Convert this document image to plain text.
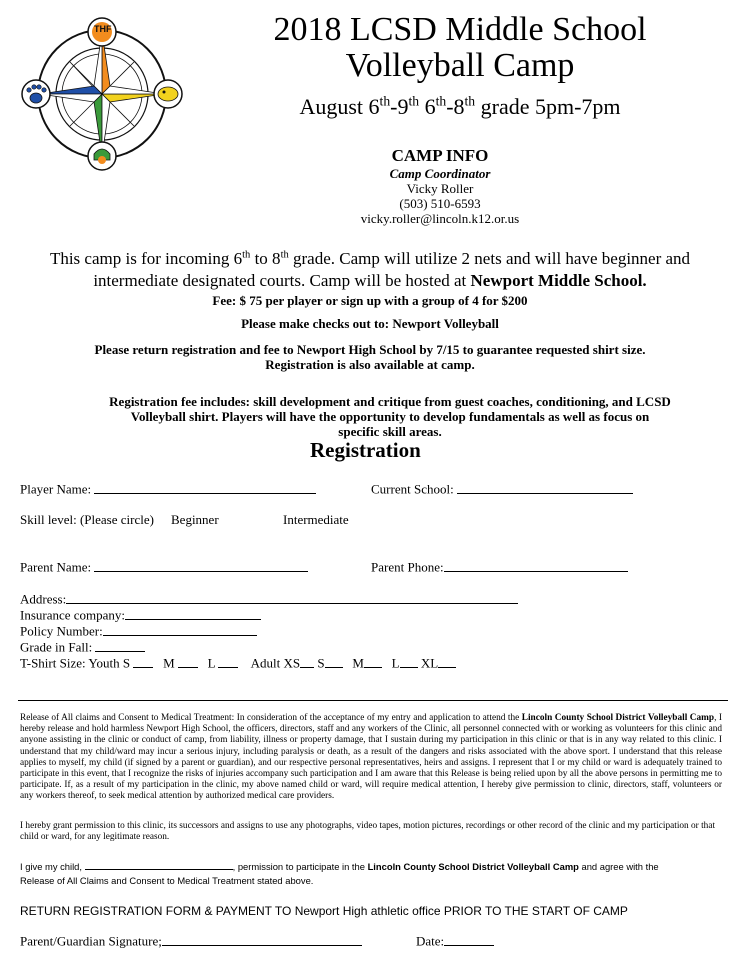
THF	2018 LCSD Middle School
Volleyball Camp
August 6th-9th 6th-8th grade 5pm-7pm
CAMP INFO
Camp Coordinator
Vicky Roller
(503) 510-6593
vicky.roller@lincoln.k12.or.us
This camp is for incoming 6th to 8th grade. Camp will utilize 2 nets and will have beginner and
intermediate designated courts. Camp will be hosted at Newport Middle School.
Fee: $ 75 per player or sign up with a group of 4 for $200
Please make checks out to: Newport Volleyball
Please return registration and fee to Newport High School by 7/15 to guarantee requested shirt size.
Registration is also available at camp.
Registration fee includes: skill development and critique from guest coaches, conditioning, and LCSD
Volleyball shirt. Players will have the opportunity to develop fundamentals as well as focus on
specific skill areas.
Registration
Player Name:	Current School:
Skill level: (Please circle) Beginner	Intermediate
Parent Name:	Parent Phone:
Address:
Insurance company:
Policy Number:
Grade in Fall:
T-Shirt Size: Youth S	M	L	Adult XS S M L XL
Release of All claims and Consent to Medical Treatment: In consideration of the acceptance of my entry and application to attend the Lincoln County School District Volleyball Camp, I hereby release and hold harmless Newport High School, the officers, directors, staff and any workers of the Clinic, all personnel connected with or working as volunteers for this clinic and anyone assisting in the clinic or conduct of camp, from liability, illness or property damage, that I sustain during my participation in this clinic or that is in any way related to this clinic. I understand that my child/ward may incur a serious injury, including paralysis or death, as a result of the dangers and risks associated with the above sport. I understand that this release applies to myself, my child (if signed by a parent or guardian), and our respective personal representatives, heirs and assigns. I represent that I or my child or ward is adequately trained to participate in this event, that I recognize the risks of injuries accompany such participation and I am aware that this Release is being relied upon by all the above persons in permitting me to participate. If, as a result of my participation in the clinic, my above named child or ward, will require medical attention, I hereby give permission to clinic, directors, staff, volunteers or any workers thereof, to seek medical attention by authorized medical care providers.
I hereby grant permission to this clinic, its successors and assigns to use any photographs, video tapes, motion pictures, recordings or other record of the clinic and my participation or that child or ward, for any legitimate reason.
I give my child,	, permission to participate in the Lincoln County School District Volleyball Camp and agree with the
Release of All Claims and Consent to Medical Treatment stated above.
RETURN REGISTRATION FORM & PAYMENT TO Newport High athletic office PRIOR TO THE START OF CAMP
Parent/Guardian Signature;	Date:
